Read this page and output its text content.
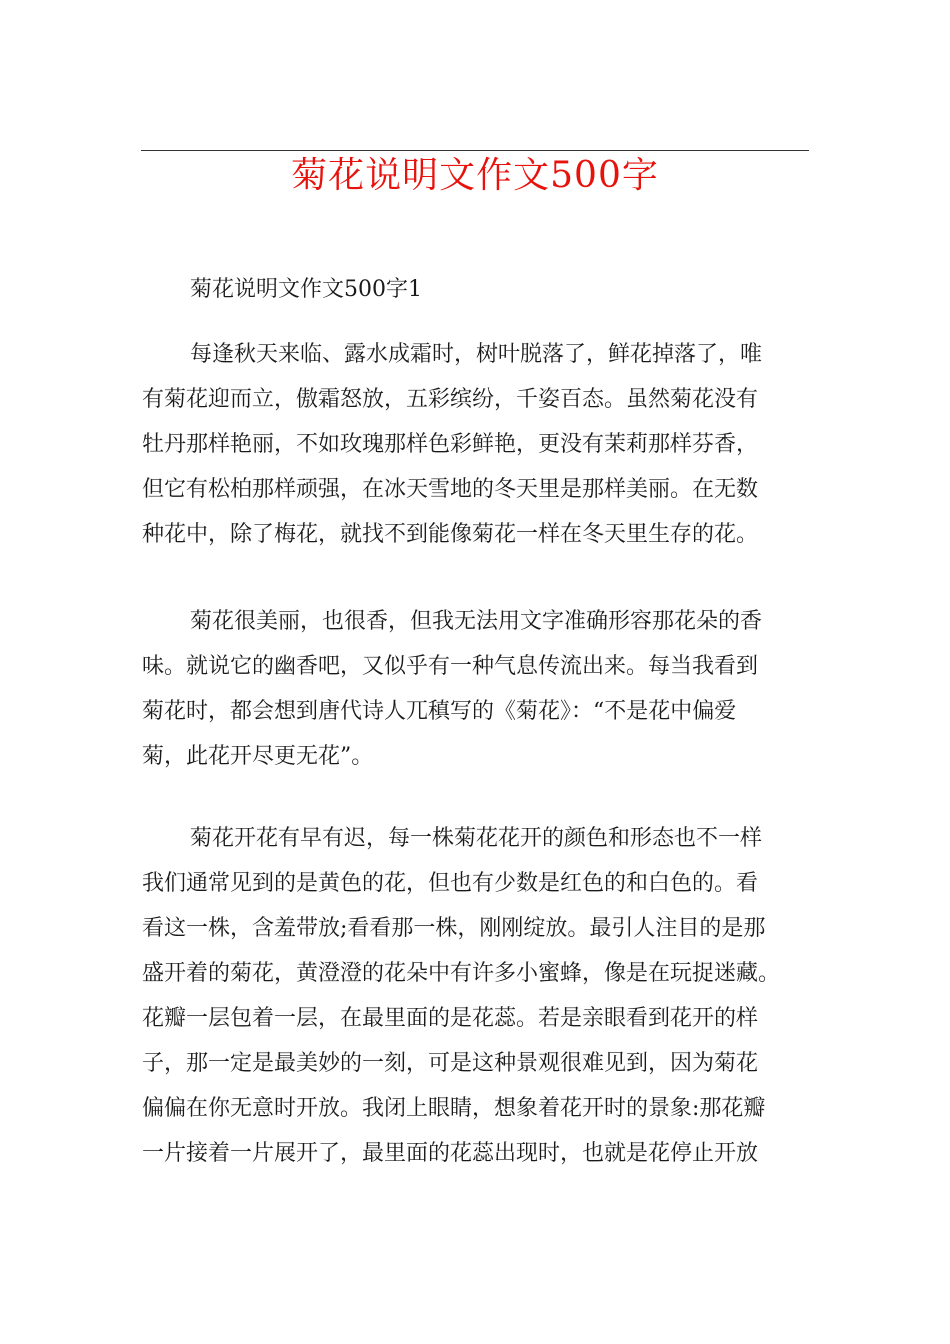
菊花说明文作文500字
菊花说明文作文500字1
每逢秋天来临、露水成霜时，树叶脱落了，鲜花掉落了，唯
有菊花迎而立，傲霜怒放，五彩缤纷，千姿百态。虽然菊花没有
牡丹那样艳丽，不如玫瑰那样色彩鲜艳，更没有茉莉那样芬香，
但它有松柏那样顽强，在冰天雪地的冬天里是那样美丽。在无数
种花中，除了梅花，就找不到能像菊花一样在冬天里生存的花。
菊花很美丽，也很香，但我无法用文字准确形容那花朵的香
味。就说它的幽香吧，又似乎有一种气息传流出来。每当我看到
菊花时，都会想到唐代诗人兀稹写的《菊花》：“不是花中偏爱
菊，此花开尽更无花”。
菊花开花有早有迟，每一株菊花花开的颜色和形态也不一样
我们通常见到的是黄色的花，但也有少数是红色的和白色的。看
看这一株，含羞带放;看看那一株，刚刚绽放。最引人注目的是那
盛开着的菊花，黄澄澄的花朵中有许多小蜜蜂，像是在玩捉迷藏。
花瓣一层包着一层，在最里面的是花蕊。若是亲眼看到花开的样
子，那一定是最美妙的一刻，可是这种景观很难见到，因为菊花
偏偏在你无意时开放。我闭上眼睛，想象着花开时的景象:那花瓣
一片接着一片展开了，最里面的花蕊出现时，也就是花停止开放
